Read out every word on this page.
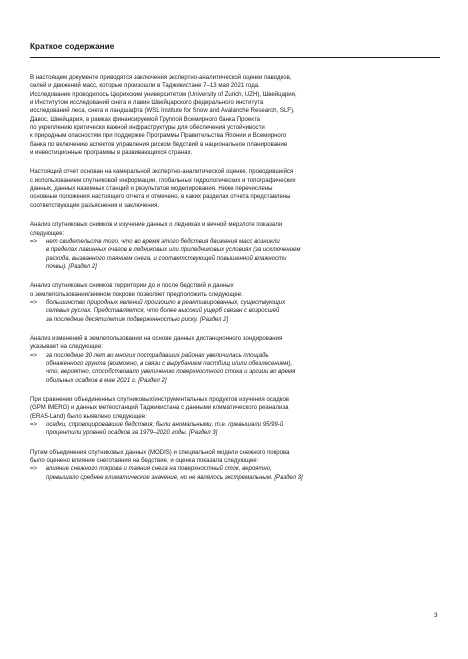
Краткое содержание
В настоящем документе приводятся заключения экспертно-аналитической оценки паводков,
селей и движений масс, которые произошли в Таджикистане 7–13 мая 2021 года.
Исследование проводилось Цюрихским университетом (University of Zurich, UZH), Швейцария,
и Институтом исследований снега и лавин Швейцарского федерального института
исследований леса, снега и ландшафта (WSL Institute for Snow and Avalanche Research, SLF),
Давос, Швейцария, в рамках финансируемой Группой Всемирного банка Проекта
по укреплению критически важной инфраструктуры для обеспечения устойчивости
к природным опасностям при поддержке Программы Правительства Японии и Всемирного
банка по включению аспектов управления риском бедствий в национальное планирование
и инвестиционные программы в развивающихся странах.
Настоящий отчет основан на камеральной экспертно-аналитической оценке, проводившейся
с использованием спутниковой информации, глобальных гидрологических и топографических
данных, данных наземных станций и результатов моделирования. Ниже перечислены
основные положения настоящего отчета и отмечено, в каких разделах отчета представлены
соответствующие разъяснения и заключения.
Анализ спутниковых снимков и изучение данных о ледниках и вечной мерзлоте показали
следующее:
=> нет свидетельств того, что во время этого бедствия движения масс возникли
в пределах лавинных очагов в ледниковых или приледниковых условиях (за исключением
расхода, вызванного таянием снега, и соответствующей повышенной влажности
почвы). [Раздел 2]
Анализ спутниковых снимков территории до и после бедствий и данных
о землепользовании/земном покрове позволяет предположить следующее:
=> большинство природных явлений произошло в реактивированных, существующих
селевых руслах. Представляется, что более высокий ущерб связан с возросшей
за последние десятилетия подверженностью риску. [Раздел 2]
Анализ изменений в землепользовании на основе данных дистанционного зондирования
указывает на следующее:
=> за последние 30 лет во многих пострадавших районах увеличилась площадь
обнаженного грунта (возможно, в связи с вырубанием пастбищ и/или обезлесением),
что, вероятно, способствовало увеличению поверхностного стока и эрозии во время
обильных осадков в мае 2021 г. [Раздел 2]
При сравнении объединенных спутниковых/инструментальных продуктов изучения осадков
(GPM IMERG) и данных метеостанций Таджикистана с данными климатического реанализа
(ERA5-Land) было выявлено следующее:
=> осадки, спровоцировавшие бедствия, были аномальными, т.е. превышали 95/99-й
процентили уровней осадков за 1979–2020 годы. [Раздел 3]
Путем объединения спутниковых данных (MODIS) и специальной модели снежного покрова
было оценено влияние снеготаяния на бедствие, и оценка показала следующее:
=> влияние снежного покрова и таяния снега на поверхностный сток, вероятно,
превышало среднее климатическое значение, но не являлось экстремальным. [Раздел 3]
3
